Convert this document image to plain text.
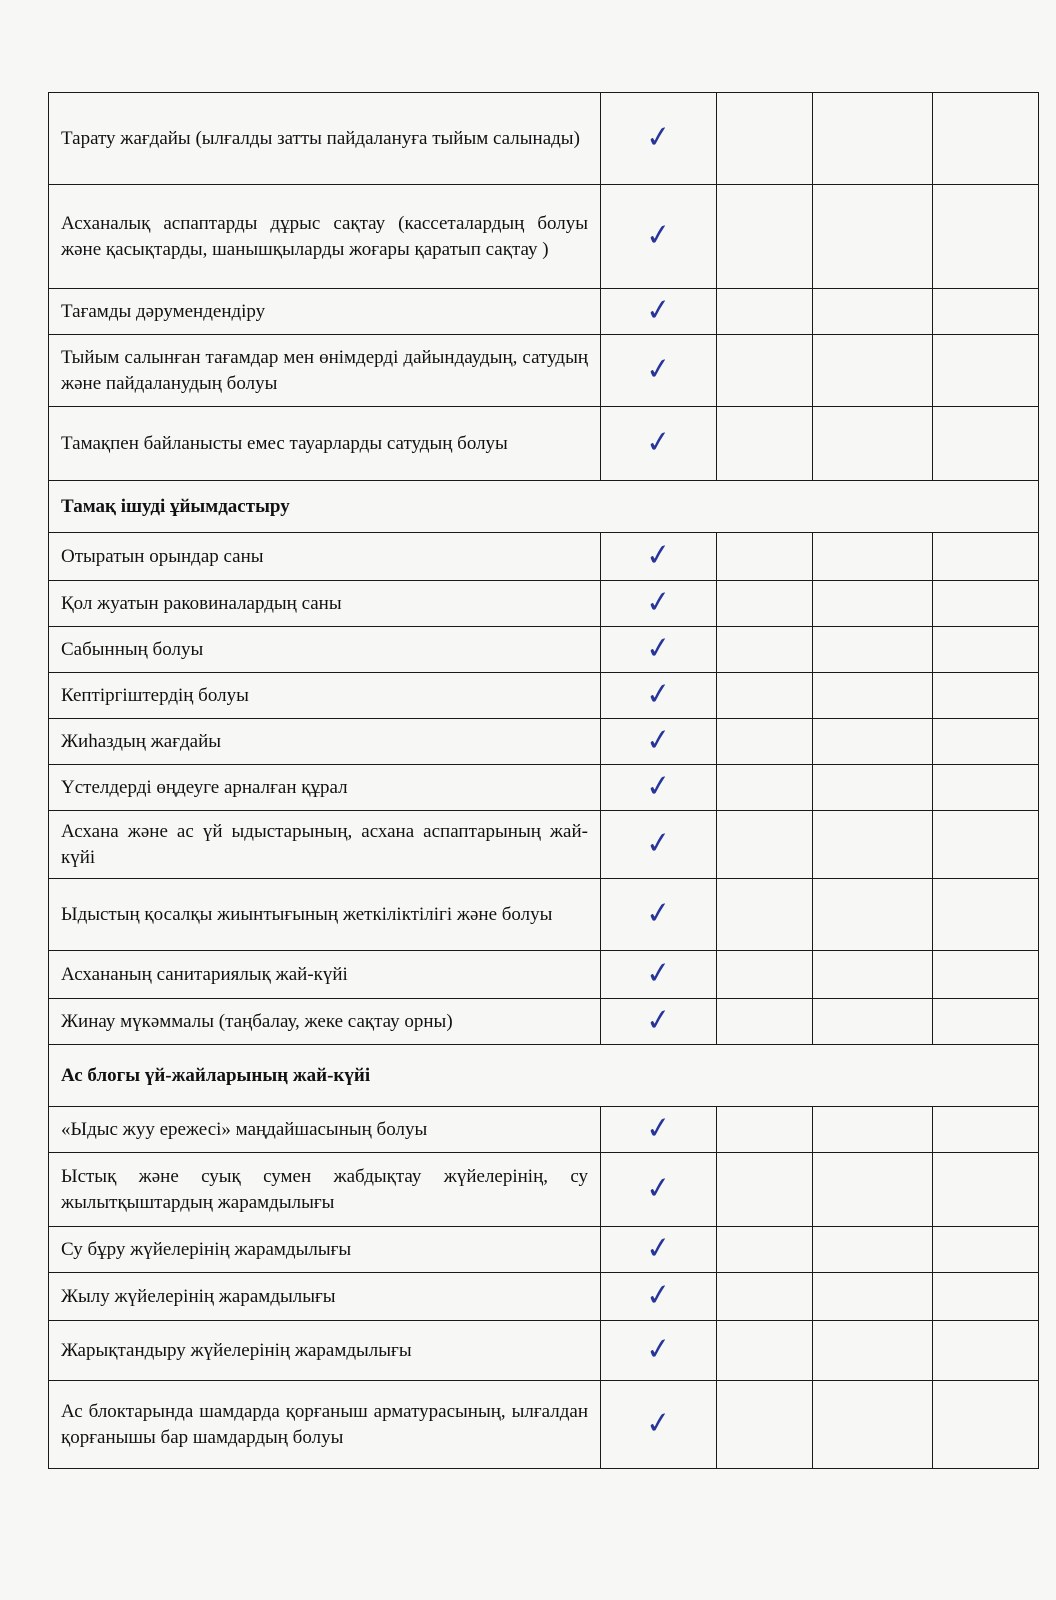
Тарату жағдайы (ылғалды затты пайдалануға тыйым салынады)	✓			
Асханалық аспаптарды дұрыс сақтау (кассеталардың болуы және қасықтарды, шанышқыларды жоғары қаратып сақтау )	✓			
Тағамды дәрумендендіру	✓			
Тыйым салынған тағамдар мен өнімдерді дайындаудың, сатудың және пайдаланудың болуы	✓			
Тамақпен байланысты емес тауарларды сатудың болуы	✓			
Тамақ ішуді ұйымдастыру				
Отыратын орындар саны	✓			
Қол жуатын раковиналардың саны	✓			
Сабынның болуы	✓			
Кептіргіштердің болуы	✓			
Жиһаздың жағдайы	✓			
Үстелдерді өңдеуге арналған құрал	✓			
Асхана және ас үй ыдыстарының, асхана аспаптарының жай-күйі	✓			
Ыдыстың қосалқы жиынтығының жеткіліктілігі және болуы	✓			
Асхананың санитариялық жай-күйі	✓			
Жинау мүкәммалы (таңбалау, жеке сақтау орны)	✓			
Ас блогы үй-жайларының жай-күйі				
«Ыдыс жуу ережесі» маңдайшасының болуы	✓			
Ыстық және суық сумен жабдықтау жүйелерінің, су жылытқыштардың жарамдылығы	✓			
Су бұру жүйелерінің жарамдылығы	✓			
Жылу жүйелерінің жарамдылығы	✓			
Жарықтандыру жүйелерінің жарамдылығы	✓			
Ас блоктарында шамдарда қорғаныш арматурасының, ылғалдан қорғанышы бар шамдардың болуы	✓			
